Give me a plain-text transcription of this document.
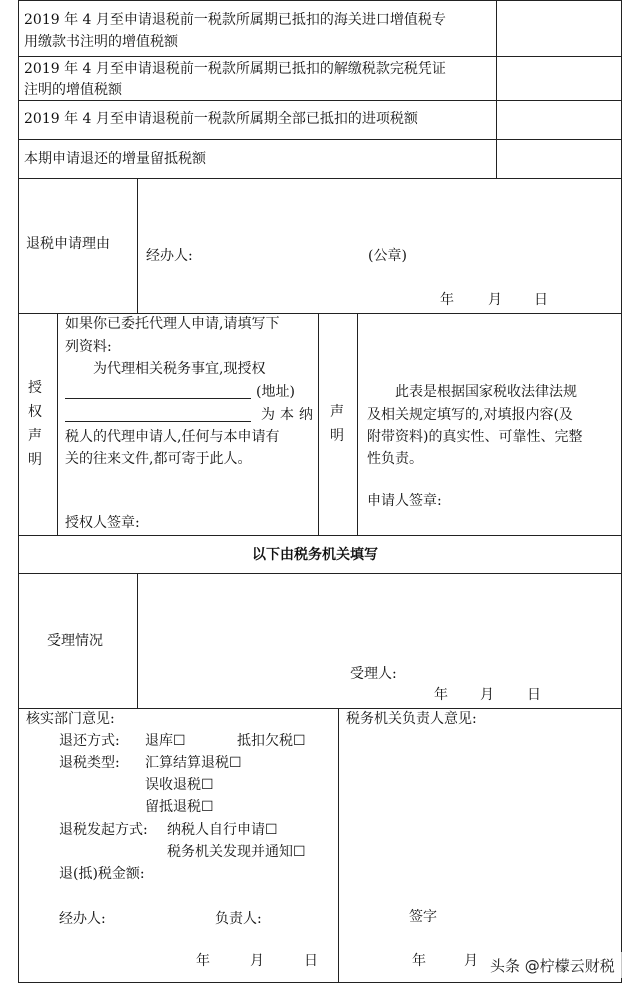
2019 年 4 月至申请退税前一税款所属期已抵扣的海关进口增值税专
用缴款书注明的增值税额
2019 年 4 月至申请退税前一税款所属期已抵扣的解缴税款完税凭证
注明的增值税额
2019 年 4 月至申请退税前一税款所属期全部已抵扣的进项税额
本期申请退还的增量留抵税额
退税申请理由
经办人:	(公章)
年 月 日
授
权
声
明
如果你已委托代理人申请,请填写下
列资料:
为代理相关税务事宜,现授权
(地址)
为本纳
税人的代理申请人,任何与本申请有
关的往来文件,都可寄于此人。
授权人签章:
声
明
此表是根据国家税收法律法规
及相关规定填写的,对填报内容(及
附带资料)的真实性、可靠性、完整
性负责。
申请人签章:
以下由税务机关填写
受理情况
受理人:
年 月 日
核实部门意见:
退还方式: 退库☐	抵扣欠税☐
退税类型: 汇算结算退税☐
误收退税☐
留抵退税☐
退税发起方式: 纳税人自行申请☐
税务机关发现并通知☐
退(抵)税金额:
经办人:	负责人:
年	月	日
税务机关负责人意见:
签字
年	月 头条 @柠檬云财税
